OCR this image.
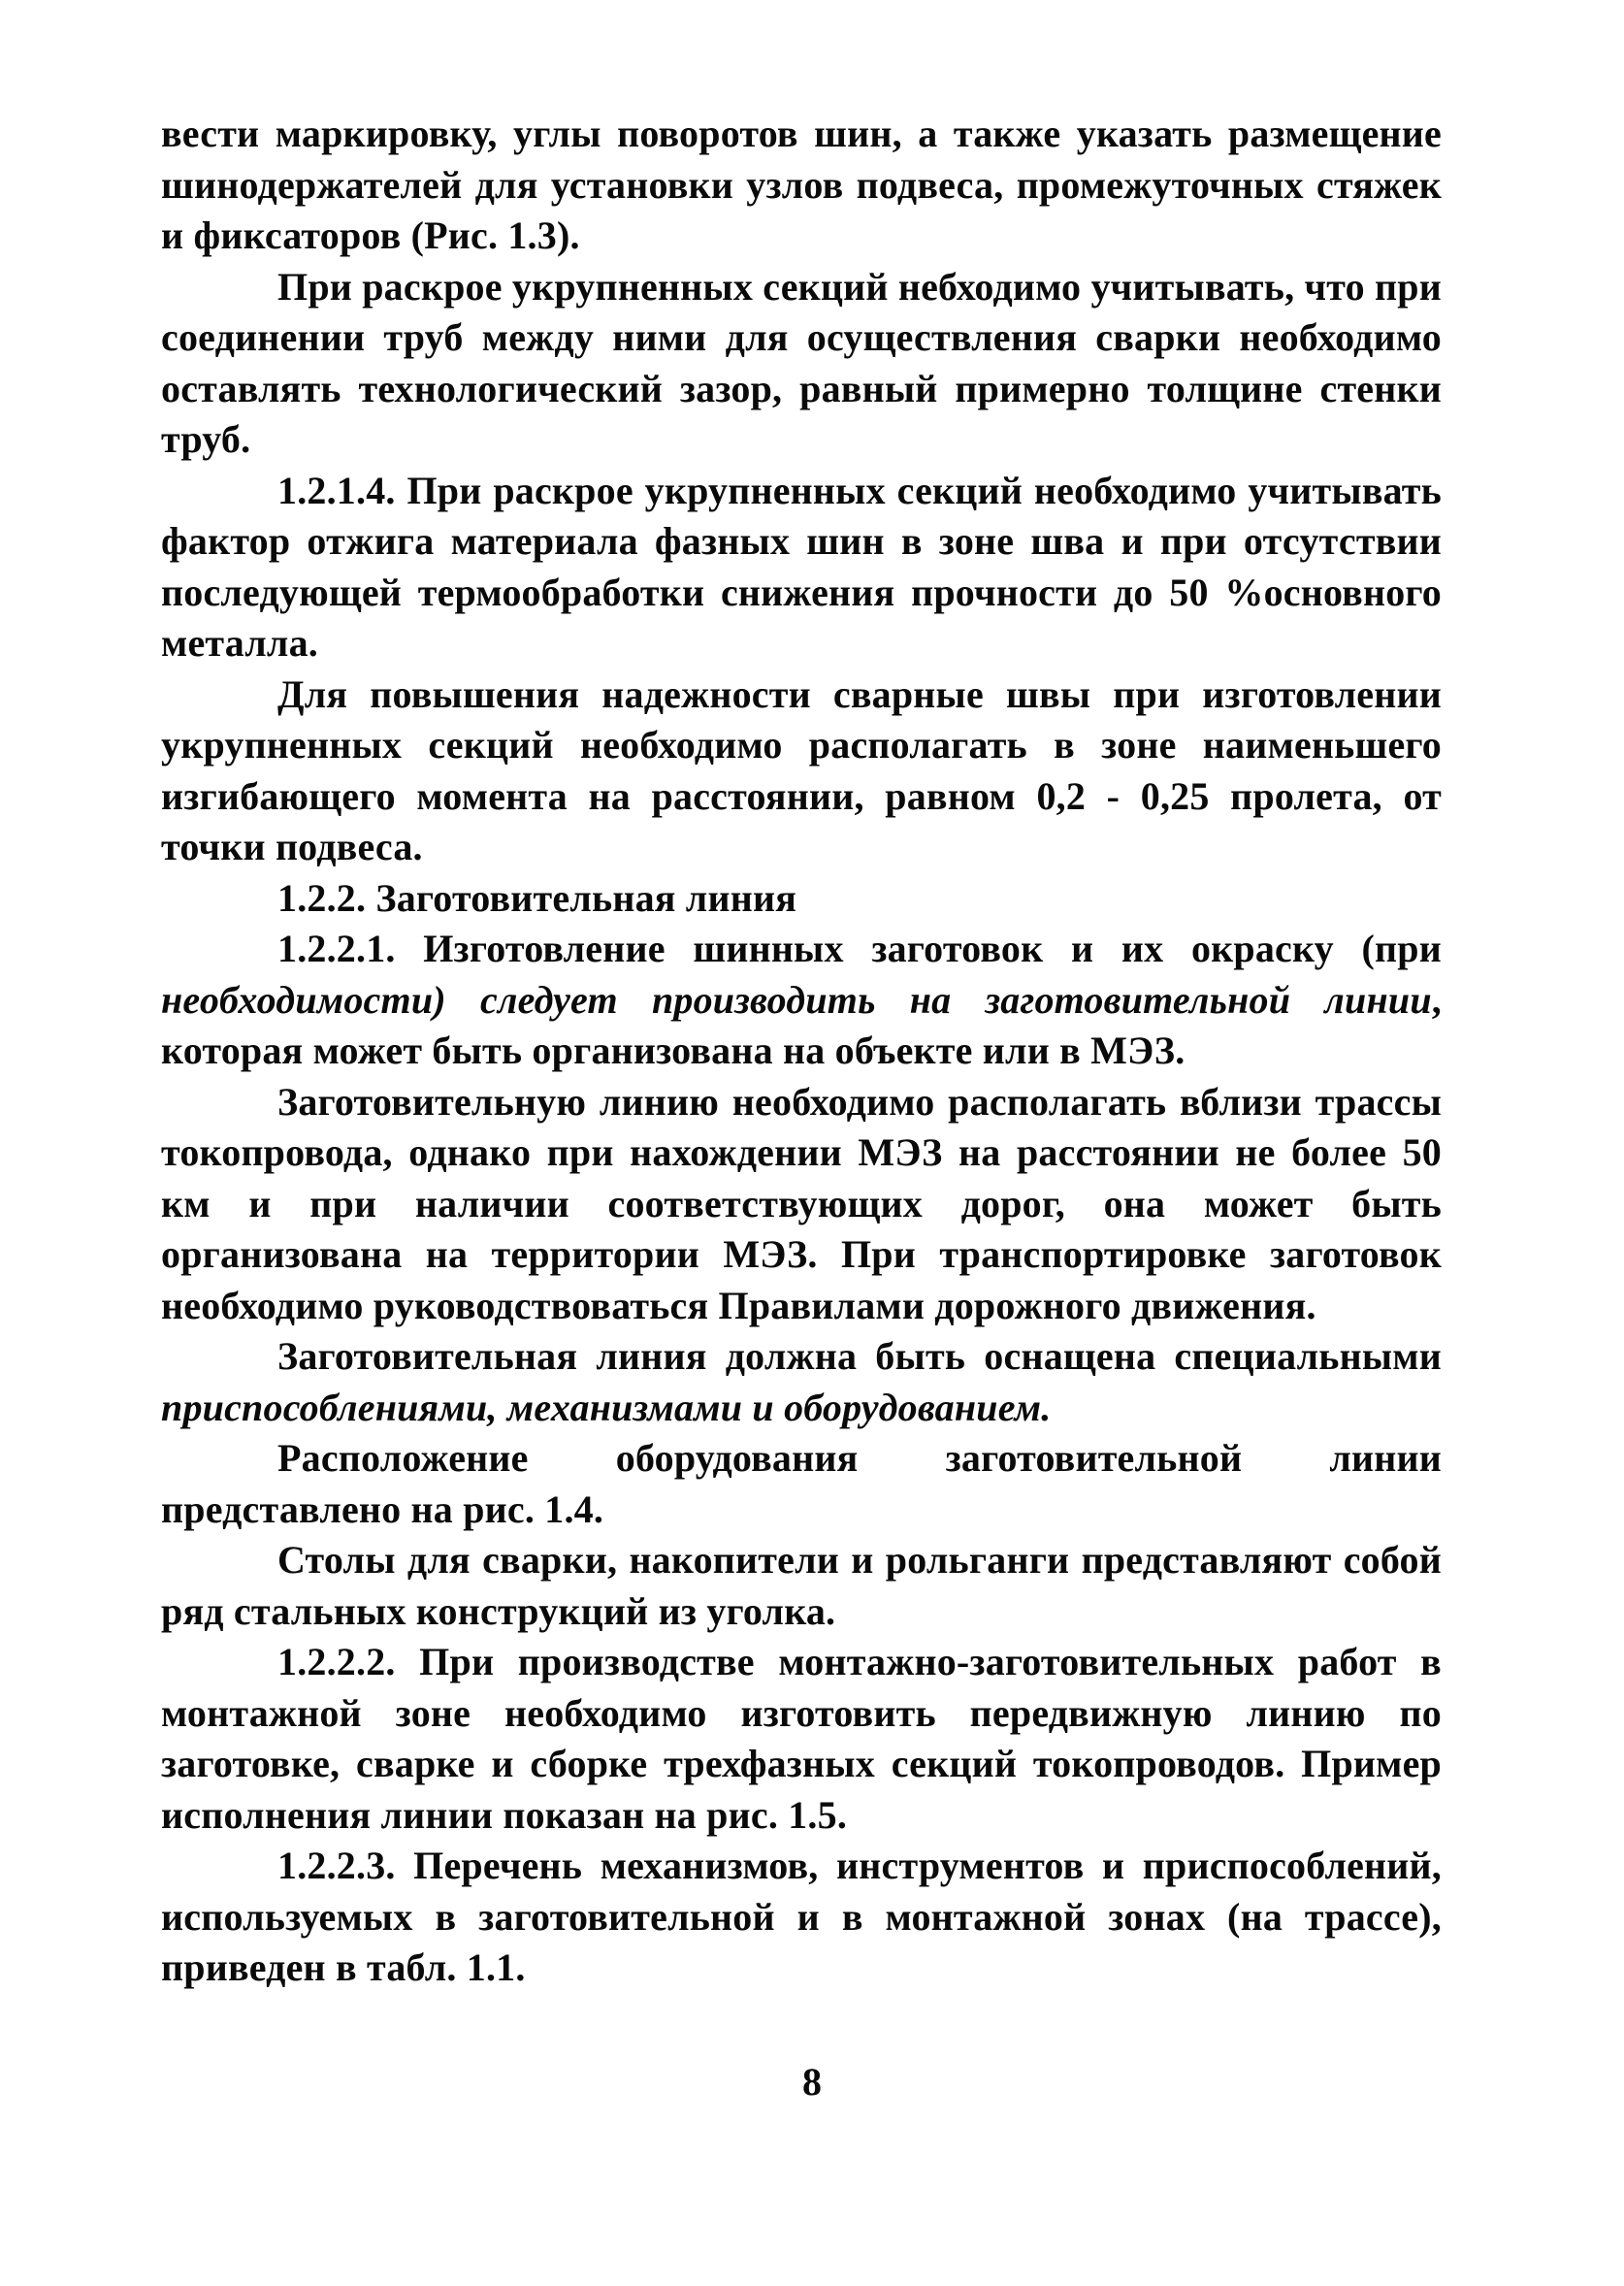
вести маркировку, углы поворотов шин, а также указать размещение шинодержателей для установки узлов подвеса, промежуточных стяжек и фиксаторов (Рис. 1.3).

При раскрое укрупненных секций небходимо учитывать, что при соединении труб между ними для осуществления сварки необходимо оставлять технологический зазор, равный примерно толщине стенки труб.

1.2.1.4. При раскрое укрупненных секций необходимо учитывать фактор отжига материала фазных шин в зоне шва и при отсутствии последующей термообработки снижения прочности до 50 %основного металла.

Для повышения надежности сварные швы при изготовлении укрупненных секций необходимо располагать в зоне наименьшего изгибающего момента на расстоянии, равном 0,2 - 0,25 пролета, от точки подвеса.

1.2.2. Заготовительная линия

1.2.2.1. Изготовление шинных заготовок и их окраску (при необходимости) следует производить на заготовительной линии, которая может быть организована на объекте или в МЭЗ.

Заготовительную линию необходимо располагать вблизи трассы токопровода, однако при нахождении МЭЗ на расстоянии не более 50 км и при наличии соответствующих дорог, она может быть организована на территории МЭЗ. При транспортировке заготовок необходимо руководствоваться Правилами дорожного движения.

Заготовительная линия должна быть оснащена специальными приспособлениями, механизмами и оборудованием.

Расположение оборудования заготовительной линии представлено на рис. 1.4.

Столы для сварки, накопители и рольганги представляют собой ряд стальных конструкций из уголка.

1.2.2.2. При производстве монтажно-заготовительных работ в монтажной зоне необходимо изготовить передвижную линию по заготовке, сварке и сборке трехфазных секций токопроводов. Пример исполнения линии показан на рис. 1.5.

1.2.2.3. Перечень механизмов, инструментов и приспособлений, используемых в заготовительной и в монтажной зонах (на трассе), приведен в табл. 1.1.

8
